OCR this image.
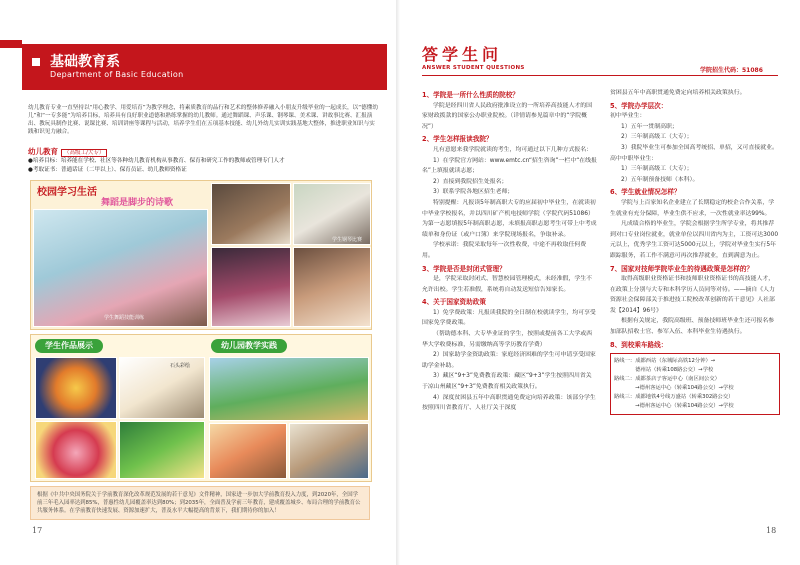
基础教育系
Department of Basic Education

幼儿教育专业一直坚持以“用心教学、用爱培育”为教学理念，将素质教育的品行和艺术的整体修养融入小朋友升级毕业的一起成长，以“德懂幼儿”和“一专多能”为培养目标，培养具有良好职业道德和熟练掌握的幼儿教师。通过舞蹈课、声乐课、钢琴课、美术课、讲故事比赛、汇报演出、教玩具制作比赛、说课比赛、培训讲座等课程与活动，培养学生们在五项基本技能、幼儿外幼儿实训实践基地大整体，推进职业知识与实践和识见力融合。

幼儿教育 （高级工/大专）
●培养目标：培养能在学校、社区等各种幼儿教育机构从事教育、保育和研究工作的教师或管理专门人才
●考取证书：普通话证（二甲以上）、保育员证、幼儿教师资格证
校园学习生活
舞蹈是脚步的诗歌
学生舞蹈技能训练
学生钢琴比赛
学生作品展示	幼儿园教学实践
石头彩绘
根据《中共中央国务院关于学前教育深化改革规范发展的若干意见》文件精神，国家进一步加大学前教育投入力度，到2020年，全国学前三年毛入园率达到85%，普惠性幼儿园覆盖率达到80%；到2035年，全面普及学前三年教育，建成覆盖城乡、布局合理的学前教育公共服务体系。在学前教育快速发展、资源加速扩大，普及水平大幅提高的背景下，我们期待你的加入！
17
答学生问
ANSWER STUDENT QUESTIONS	学院招生代码：51086
1、学院是一所什么性质的院校？
学院是经四川省人民政府批准设立的一所培养高技能人才的国家财政拨款的国家公办职业院校。（详情请参见篇章中的“学院概况”）
2、学生怎样报读我院？
凡有意愿来我学院就读的考生，均可通过以下几种方式报名：
1）在学院官方网站：www.emtc.cn“招生咨询”一栏中“在线报名”上填报就读志愿；
2）直接到我院招生处报名；
3）联系学院各地区招生老师；
特别提醒：凡报读5年制高职大专的应届初中毕业生，在就读初中毕业学校报名，并以四川矿产机电技师学院（学院代码51086）为第一志愿填报5年制高职志愿，未填报高职志愿考生可带上中考成绩单和身份证（或户口簿）来学院现场报名，争取补录。
学校承诺：我院采取每年一次性收费，中途不再收取任何费用。
3、学院是否是封闭式管理？
是，学院采取封闭式、智慧校园管理模式，未经准假，学生不允许出校。学生若准假，系统将自动发送短信告知家长。
4、关于国家资助政策
1）免学费政策：凡报读我院的全日制在校就读学生，均可享受国家免学费政策。
（帮助德本科、大专毕业证的学生，按照或提前各工大学或西华大学收费标准，另需缴纳高等学历教育学费）
2）国家助学金资助政策：家庭经济困难的学生可申请享受国家助学金补助。
3）藏区“9+3”免费教育政策：藏区“9+3”学生按照四川省关于凉山州藏区“9+3”免费教育相关政策执行。
4）深度贫困县五年中高职贯通免费定向培养政策：该部分学生按照四川省教育厅、人社厅关于深度
贫困县五年中高职贯通免费定向培养相关政策执行。
5、学院办学层次：
初中毕业生：
1）五年一贯制高职；
2）三年制高级工（大专）；
3）我院毕业生可参加全国高考统招、单招，又可直接就业。
高中中职毕业生：
1）三年制高级工（大专）；
2）五年制预备技师（本科）。
6、学生就业情况怎样？
学院与上百家知名企业建立了长期稳定的校企合作关系，学生就业有充分保障，毕业生供不应求，一次性就业率达99%。
凡成绩合格的毕业生，学院会根据学生所学专业，将其推荐到对口专业岗位就业，就业单位以四川省内为主，工资可达3000元以上，优秀学生工资可达5000元以上，学院对毕业生实行5年跟踪服务，若工作不满意可再次推荐就业，直到满意为止。
7、国家对技师学院毕业生的待遇政策是怎样的？
取得高级职业资格证书和技师职业资格证书的高技能人才，在政策上分别与大专和本科学历人员同等对待。——摘自《人力资源社会保障部关于推进技工院校改革创新的若干意见》人社部发【2014】96号》
根据有关规定，我院高级班、预备技师班毕业生还可报名参加部队招收士官、参军入伍、本科毕业生待遇执行。
8、到校乘车路线：
路线一：成都西站（东城际高铁12分钟）→
　　　　德州站（转乘108路公交）→学校
路线二：成都茶店子客运中心（南区间公交）
　　　　→德州客运中心（转乘104路公交）→学校
路线三：成都地铁4号线万盛站（转乘302路公交）
　　　　→德州客运中心（转乘104路公交）→学校
18
